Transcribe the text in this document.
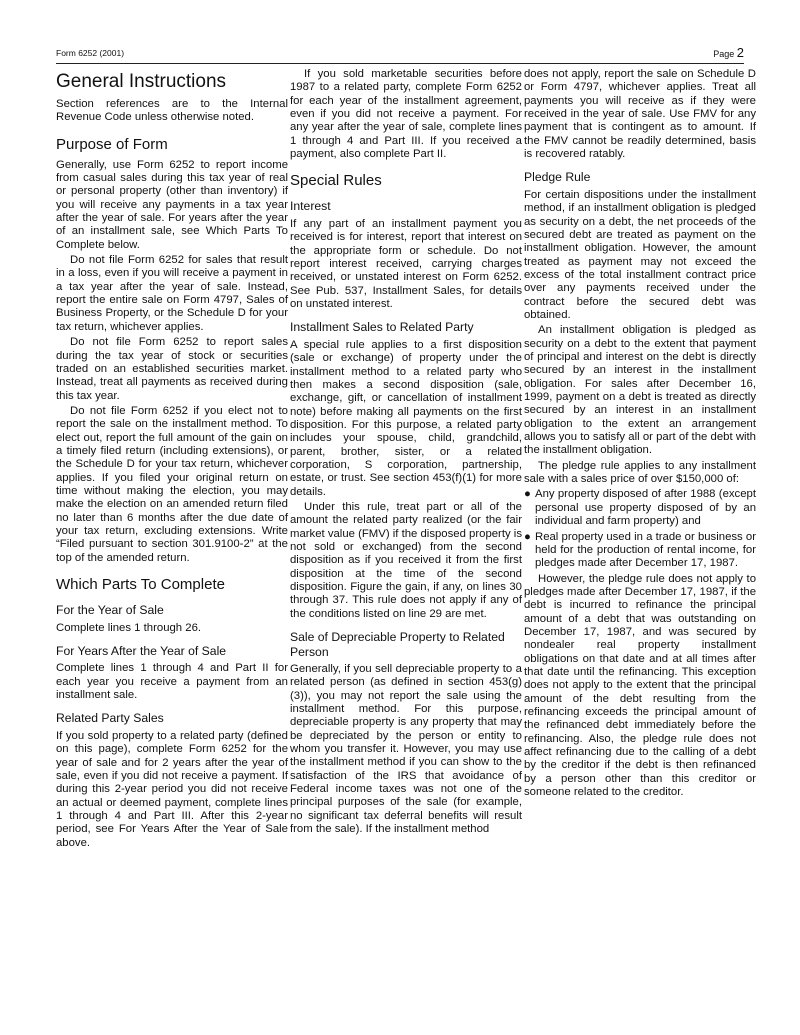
Form 6252 (2001)	Page 2
General Instructions

Section references are to the Internal Revenue Code unless otherwise noted.

Purpose of Form

Generally, use Form 6252 to report income from casual sales during this tax year of real or personal property (other than inventory) if you will receive any payments in a tax year after the year of sale. For years after the year of an installment sale, see Which Parts To Complete below.

Do not file Form 6252 for sales that result in a loss, even if you will receive a payment in a tax year after the year of sale. Instead, report the entire sale on Form 4797, Sales of Business Property, or the Schedule D for your tax return, whichever applies.

Do not file Form 6252 to report sales during the tax year of stock or securities traded on an established securities market. Instead, treat all payments as received during this tax year.

Do not file Form 6252 if you elect not to report the sale on the installment method. To elect out, report the full amount of the gain on a timely filed return (including extensions), or the Schedule D for your tax return, whichever applies. If you filed your original return on time without making the election, you may make the election on an amended return filed no later than 6 months after the due date of your tax return, excluding extensions. Write “Filed pursuant to section 301.9100-2” at the top of the amended return.

Which Parts To Complete
For the Year of Sale

Complete lines 1 through 26.

For Years After the Year of Sale

Complete lines 1 through 4 and Part II for each year you receive a payment from an installment sale.

Related Party Sales

If you sold property to a related party (defined on this page), complete Form 6252 for the year of sale and for 2 years after the year of sale, even if you did not receive a payment. If during this 2-year period you did not receive an actual or deemed payment, complete lines 1 through 4 and Part III. After this 2-year period, see For Years After the Year of Sale above.

If you sold marketable securities before 1987 to a related party, complete Form 6252 for each year of the installment agreement, even if you did not receive a payment. For any year after the year of sale, complete lines 1 through 4 and Part III. If you received a payment, also complete Part II.

Special Rules
Interest

If any part of an installment payment you received is for interest, report that interest on the appropriate form or schedule. Do not report interest received, carrying charges received, or unstated interest on Form 6252. See Pub. 537, Installment Sales, for details on unstated interest.

Installment Sales to Related Party

A special rule applies to a first disposition (sale or exchange) of property under the installment method to a related party who then makes a second disposition (sale, exchange, gift, or cancellation of installment note) before making all payments on the first disposition. For this purpose, a related party includes your spouse, child, grandchild, parent, brother, sister, or a related corporation, S corporation, partnership, estate, or trust. See section 453(f)(1) for more details.

Under this rule, treat part or all of the amount the related party realized (or the fair market value (FMV) if the disposed property is not sold or exchanged) from the second disposition as if you received it from the first disposition at the time of the second disposition. Figure the gain, if any, on lines 30 through 37. This rule does not apply if any of the conditions listed on line 29 are met.

Sale of Depreciable Property to Related Person

Generally, if you sell depreciable property to a related person (as defined in section 453(g)(3)), you may not report the sale using the installment method. For this purpose, depreciable property is any property that may be depreciated by the person or entity to whom you transfer it. However, you may use the installment method if you can show to the satisfaction of the IRS that avoidance of Federal income taxes was not one of the principal purposes of the sale (for example, no significant tax deferral benefits will result from the sale). If the installment method

does not apply, report the sale on Schedule D or Form 4797, whichever applies. Treat all payments you will receive as if they were received in the year of sale. Use FMV for any payment that is contingent as to amount. If the FMV cannot be readily determined, basis is recovered ratably.

Pledge Rule

For certain dispositions under the installment method, if an installment obligation is pledged as security on a debt, the net proceeds of the secured debt are treated as payment on the installment obligation. However, the amount treated as payment may not exceed the excess of the total installment contract price over any payments received under the contract before the secured debt was obtained.

An installment obligation is pledged as security on a debt to the extent that payment of principal and interest on the debt is directly secured by an interest in the installment obligation. For sales after December 16, 1999, payment on a debt is treated as directly secured by an interest in an installment obligation to the extent an arrangement allows you to satisfy all or part of the debt with the installment obligation.

The pledge rule applies to any installment sale with a sales price of over $150,000 of:

● Any property disposed of after 1988 (except personal use property disposed of by an individual and farm property) and

● Real property used in a trade or business or held for the production of rental income, for pledges made after December 17, 1987.

However, the pledge rule does not apply to pledges made after December 17, 1987, if the debt is incurred to refinance the principal amount of a debt that was outstanding on December 17, 1987, and was secured by nondealer real property installment obligations on that date and at all times after that date until the refinancing. This exception does not apply to the extent that the principal amount of the debt resulting from the refinancing exceeds the principal amount of the refinanced debt immediately before the refinancing. Also, the pledge rule does not affect refinancing due to the calling of a debt by the creditor if the debt is then refinanced by a person other than this creditor or someone related to the creditor.
